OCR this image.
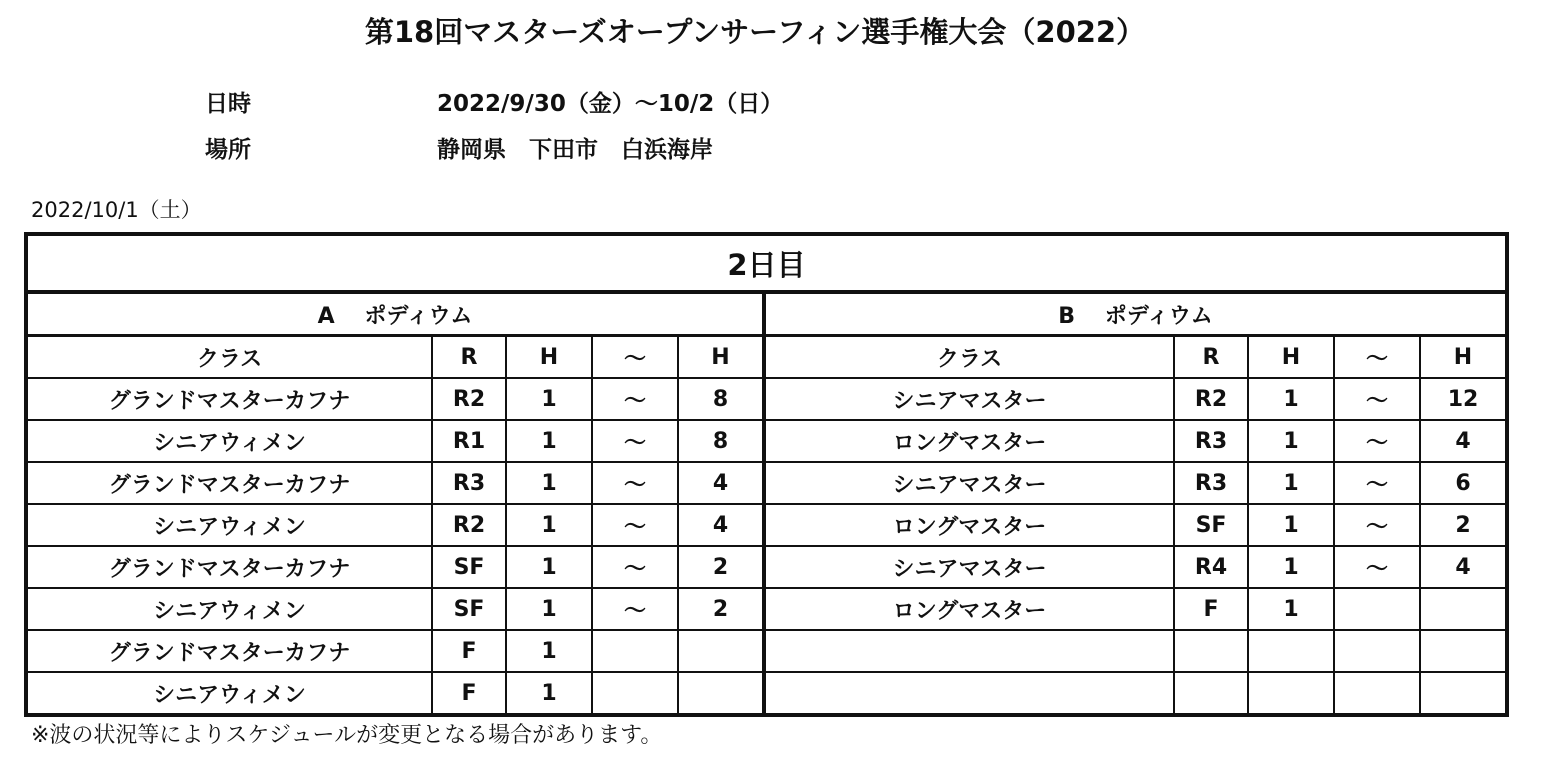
第18回マスターズオープンサーフィン選手権大会（2022）
日時	2022/9/30（金）～10/2（日）
場所	静岡県　下田市　白浜海岸
2022/10/1（土）
2日目									
A　 ポディウム					B　 ポディウム				
クラス	R	H	～	H	クラス	R	H	～	H
グランドマスターカフナ	R2	1	～	8	シニアマスター	R2	1	～	12
シニアウィメン	R1	1	～	8	ロングマスター	R3	1	～	4
グランドマスターカフナ	R3	1	～	4	シニアマスター	R3	1	～	6
シニアウィメン	R2	1	～	4	ロングマスター	SF	1	～	2
グランドマスターカフナ	SF	1	～	2	シニアマスター	R4	1	～	4
シニアウィメン	SF	1	～	2	ロングマスター	F	1		
グランドマスターカフナ	F	1							
シニアウィメン	F	1							
※波の状況等によりスケジュールが変更となる場合があります。
